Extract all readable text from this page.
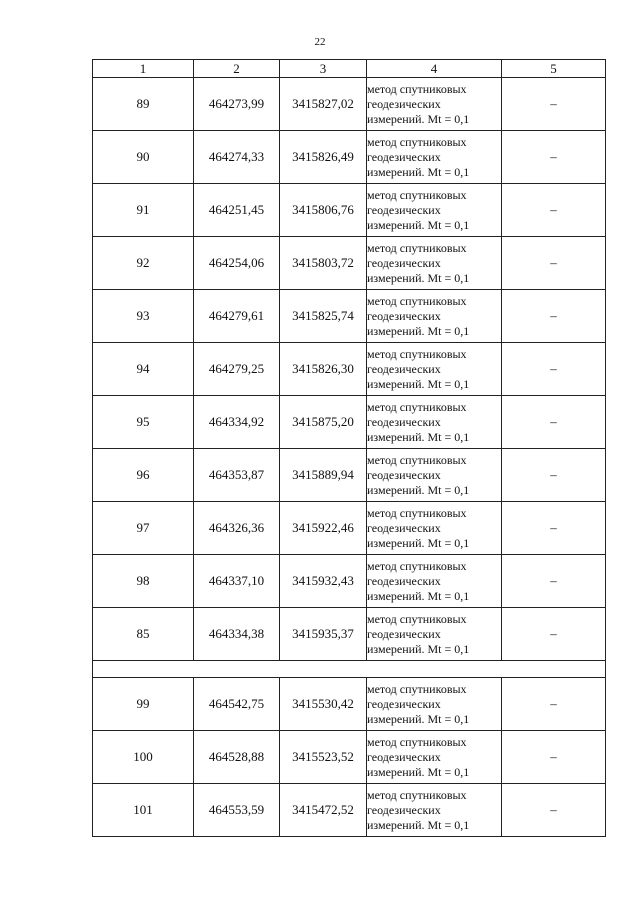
22
1	2	3	4	5
89	464273,99	3415827,02	метод спутниковых
геодезических
измерений. Mt = 0,1	–
90	464274,33	3415826,49	метод спутниковых
геодезических
измерений. Mt = 0,1	–
91	464251,45	3415806,76	метод спутниковых
геодезических
измерений. Mt = 0,1	–
92	464254,06	3415803,72	метод спутниковых
геодезических
измерений. Mt = 0,1	–
93	464279,61	3415825,74	метод спутниковых
геодезических
измерений. Mt = 0,1	–
94	464279,25	3415826,30	метод спутниковых
геодезических
измерений. Mt = 0,1	–
95	464334,92	3415875,20	метод спутниковых
геодезических
измерений. Mt = 0,1	–
96	464353,87	3415889,94	метод спутниковых
геодезических
измерений. Mt = 0,1	–
97	464326,36	3415922,46	метод спутниковых
геодезических
измерений. Mt = 0,1	–
98	464337,10	3415932,43	метод спутниковых
геодезических
измерений. Mt = 0,1	–
85	464334,38	3415935,37	метод спутниковых
геодезических
измерений. Mt = 0,1	–

99	464542,75	3415530,42	метод спутниковых
геодезических
измерений. Mt = 0,1	–
100	464528,88	3415523,52	метод спутниковых
геодезических
измерений. Mt = 0,1	–
101	464553,59	3415472,52	метод спутниковых
геодезических
измерений. Mt = 0,1	–
